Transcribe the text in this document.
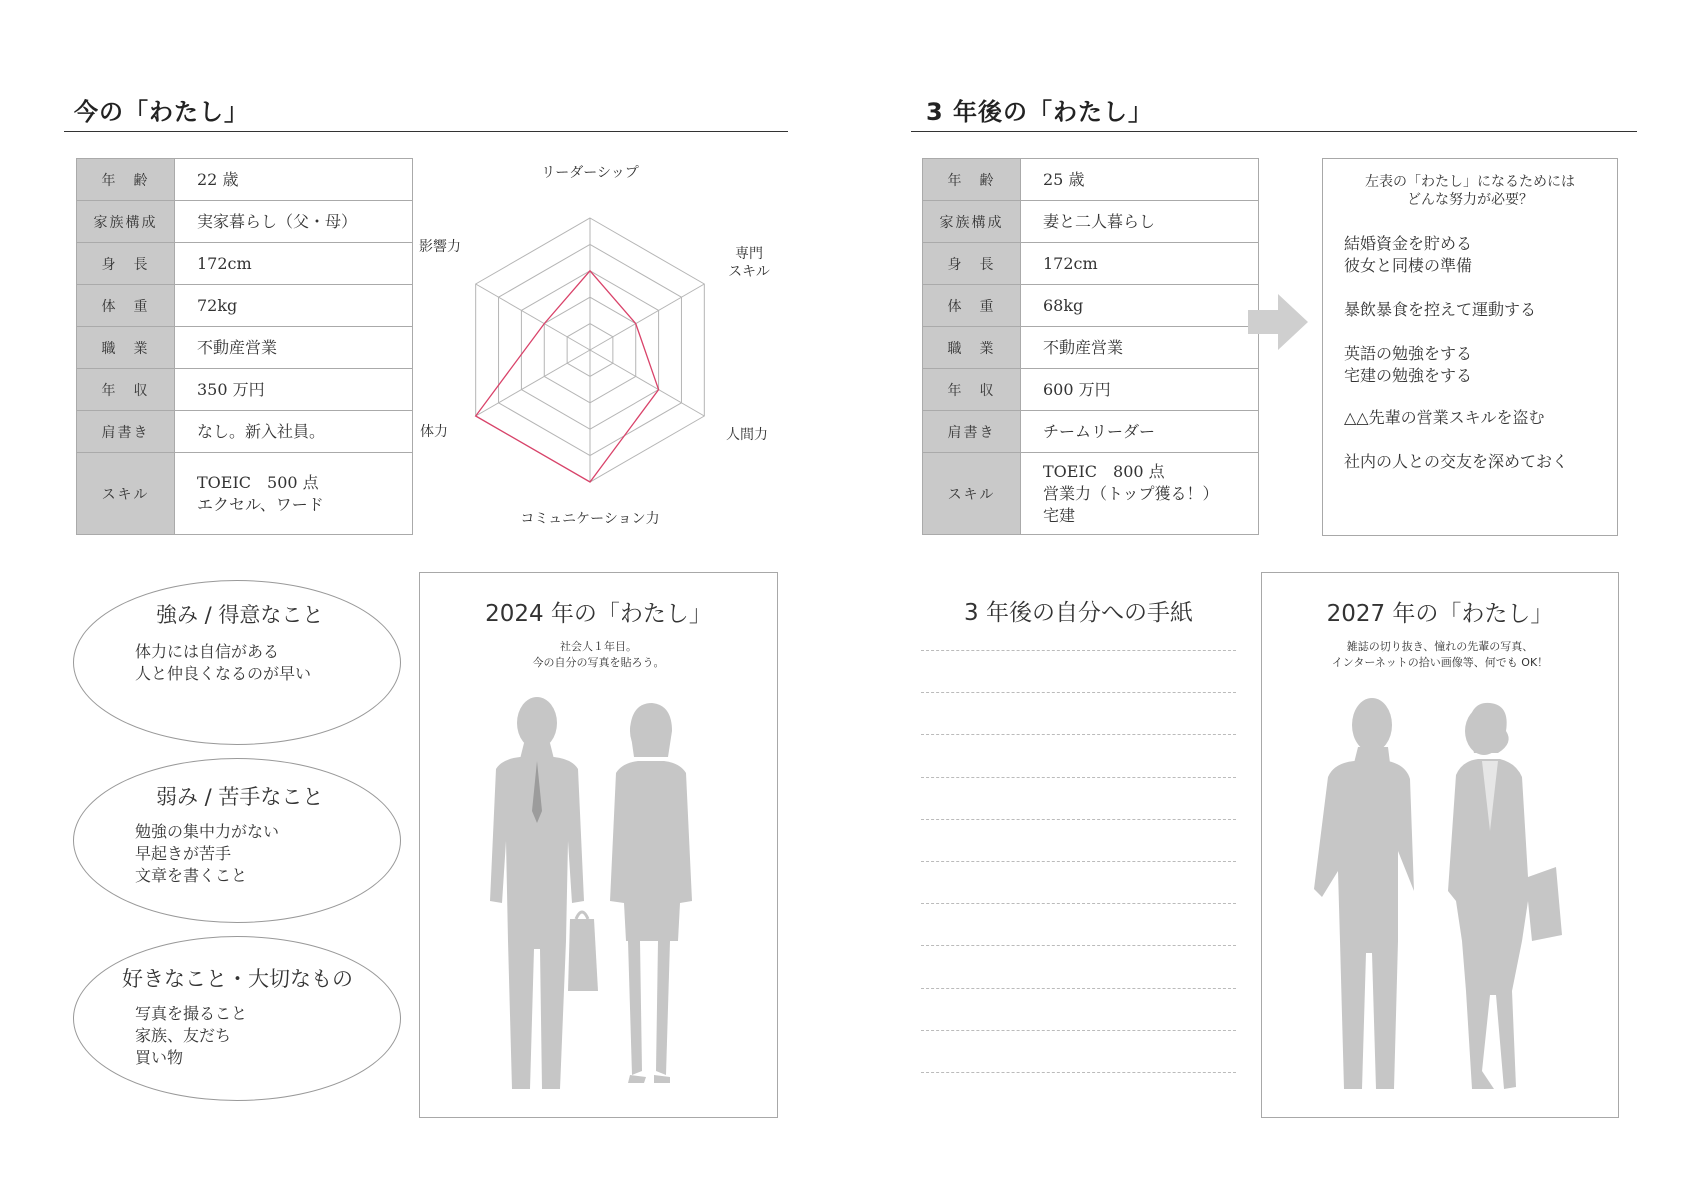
今の「わたし」
年　齢	22 歳
家族構成	実家暮らし（父・母）
身　長	172cm
体　重	72kg
職　業	不動産営業
年　収	350 万円
肩書き	なし。新入社員。
スキル	TOEIC　500 点
エクセル、ワード
リーダーシップ
専門
スキル
人間力
コミュニケーション力
体力
影響力
強み / 得意なこと
体力には自信がある
人と仲良くなるのが早い
弱み / 苦手なこと
勉強の集中力がない
早起きが苦手
文章を書くこと
好きなこと・大切なもの
写真を撮ること
家族、友だち
買い物
2024 年の「わたし」
社会人１年目。
今の自分の写真を貼ろう。
3 年後の「わたし」
年　齢	25 歳
家族構成	妻と二人暮らし
身　長	172cm
体　重	68kg
職　業	不動産営業
年　収	600 万円
肩書き	チームリーダー
スキル	TOEIC　800 点
営業力（トップ獲る！）
宅建
左表の「わたし」になるためには
どんな努力が必要？
結婚資金を貯める
彼女と同棲の準備
暴飲暴食を控えて運動する
英語の勉強をする
宅建の勉強をする
△△先輩の営業スキルを盗む
社内の人との交友を深めておく
3 年後の自分への手紙	2027 年の「わたし」
雑誌の切り抜き、憧れの先輩の写真、
インターネットの拾い画像等、何でも OK！
